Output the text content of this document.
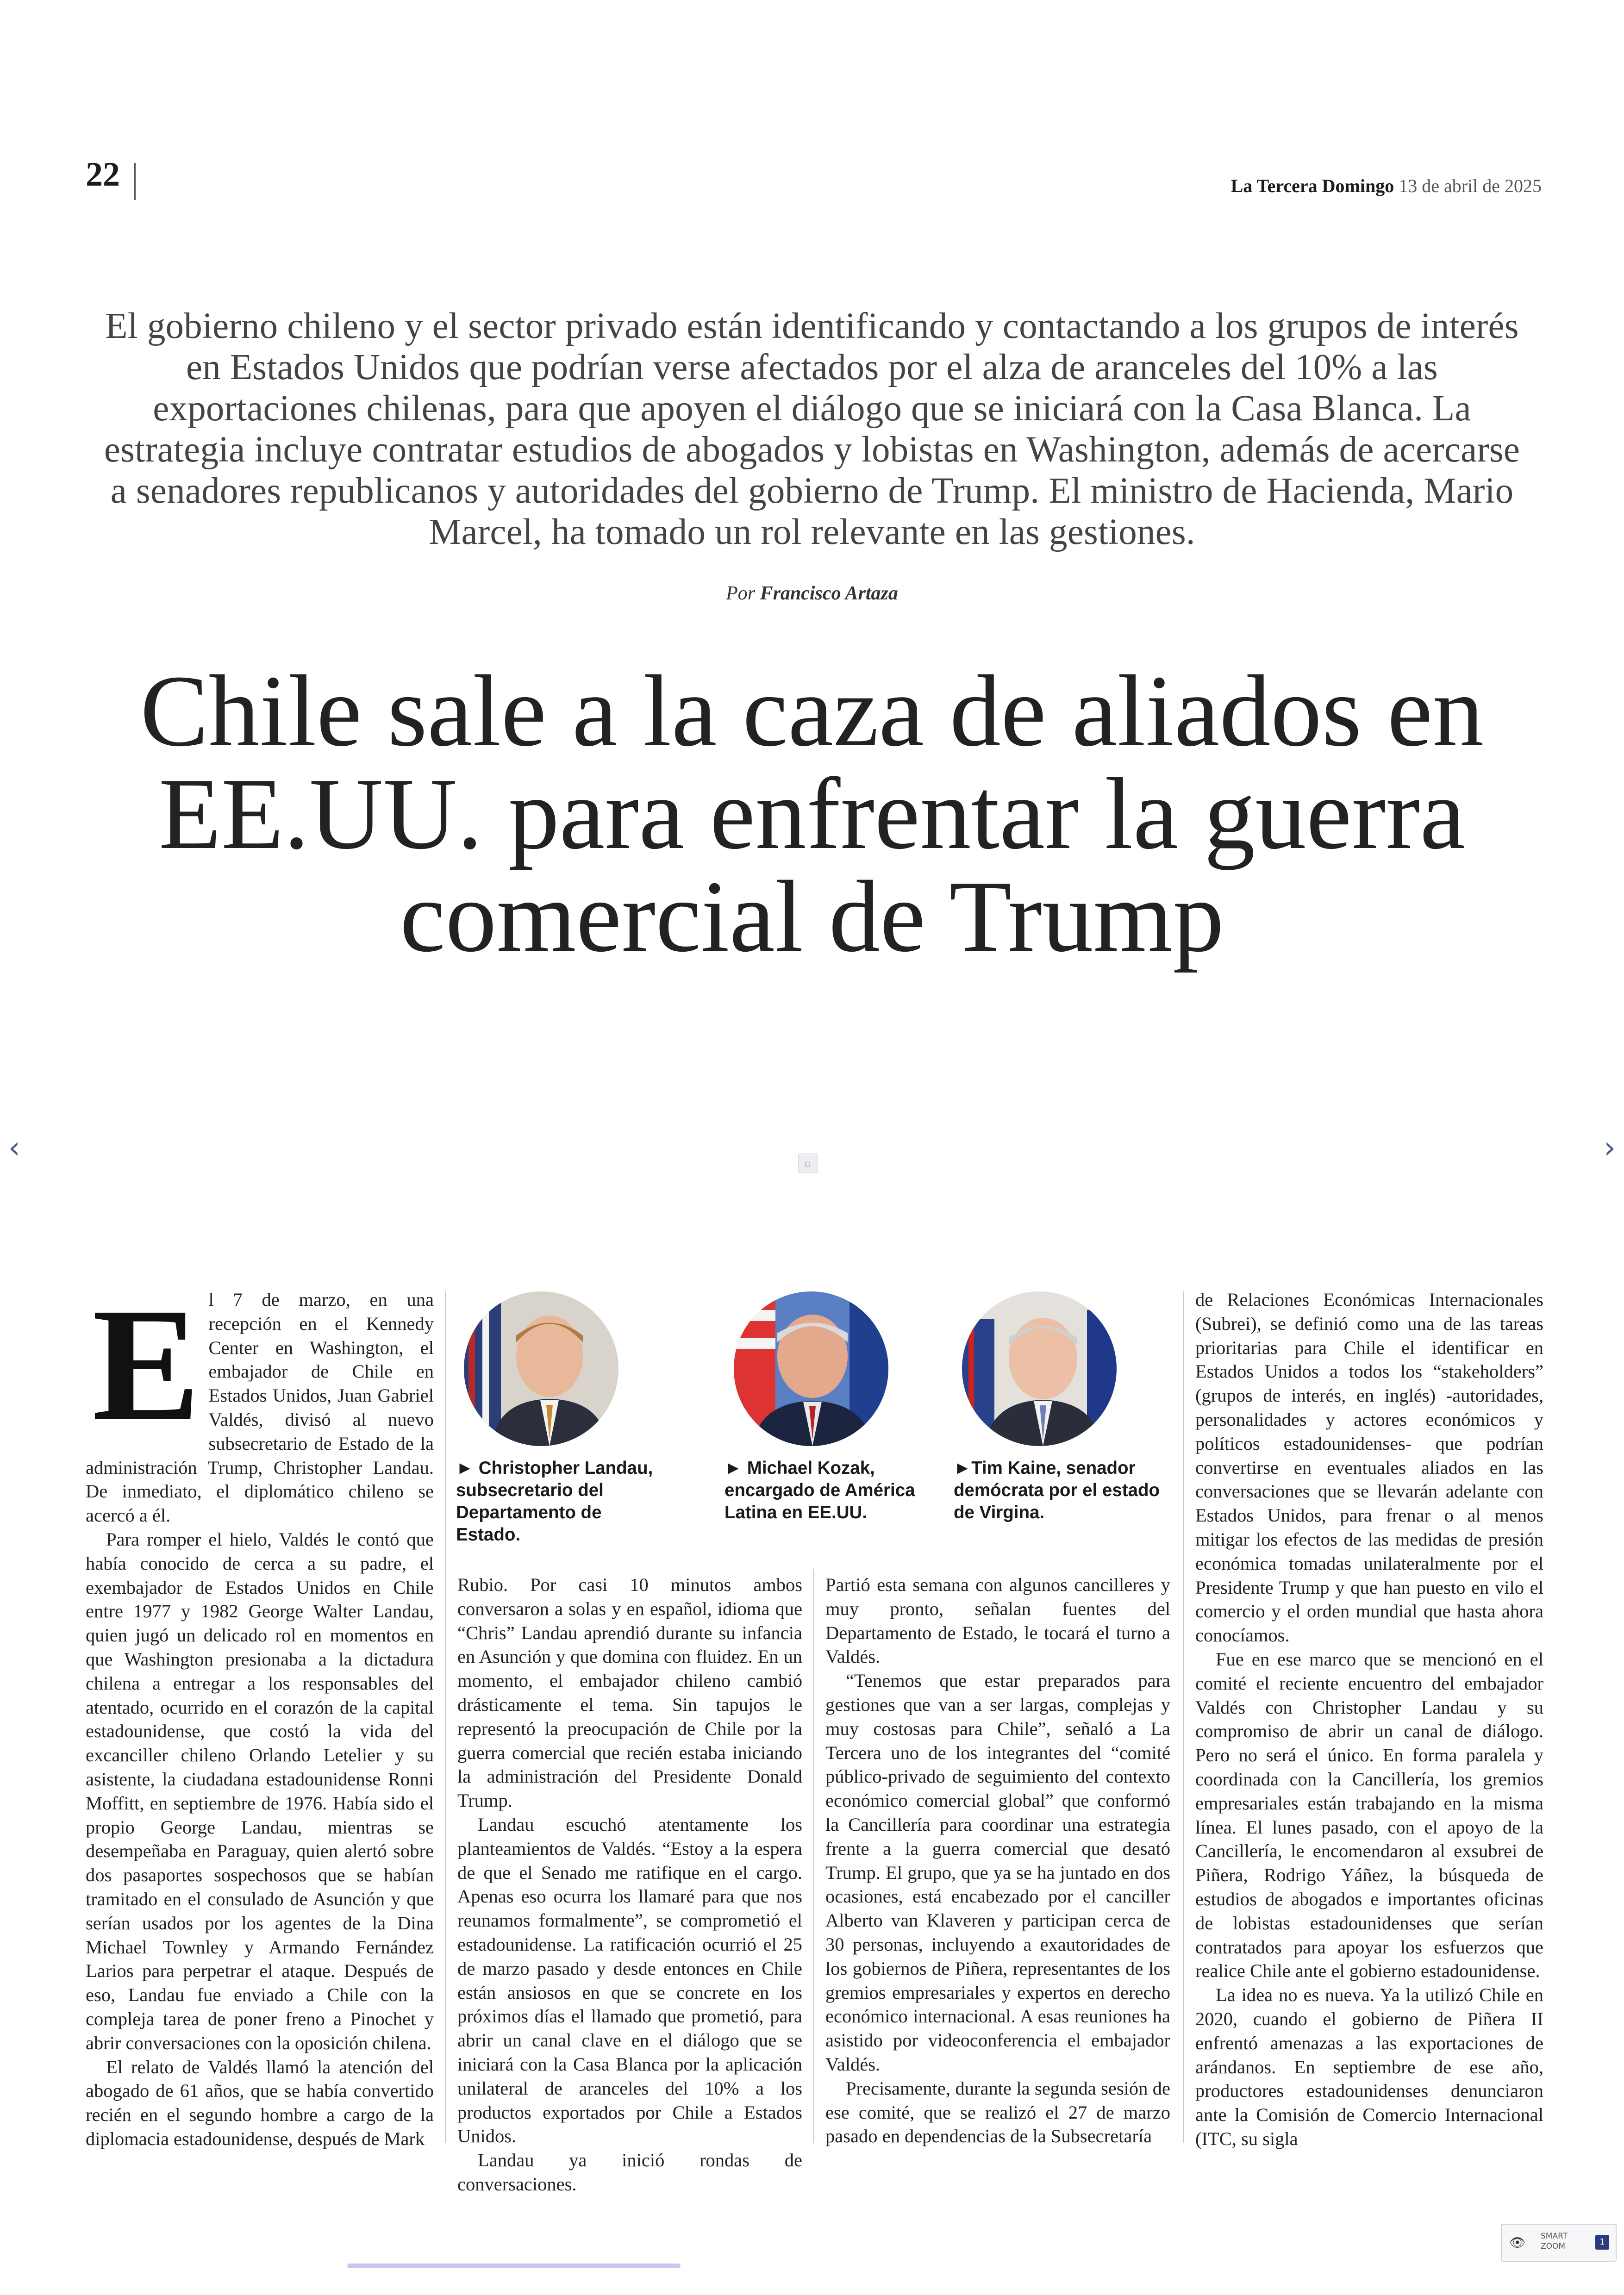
22	La Tercera Domingo 13 de abril de 2025
El gobierno chileno y el sector privado están identificando y contactando a los grupos de interés en Estados Unidos que podrían verse afectados por el alza de aranceles del 10% a las exportaciones chilenas, para que apoyen el diálogo que se iniciará con la Casa Blanca. La estrategia incluye contratar estudios de abogados y lobistas en Washington, además de acercarse a senadores republicanos y autoridades del gobierno de Trump. El ministro de Hacienda, Mario Marcel, ha tomado un rol relevante en las gestiones.
Por Francisco Artaza
Chile sale a la caza de aliados en EE.UU. para enfrentar la guerra comercial de Trump
‹	›
▫
E l 7 de marzo, en una recepción en el Kennedy Center en Washington, el embajador de Chile en Estados Unidos, Juan Gabriel Valdés, divisó al nuevo subsecretario de Estado de la administración Trump, Christopher Landau. De inmediato, el diplomático chileno se acercó a él.

Para romper el hielo, Valdés le contó que había conocido de cerca a su padre, el exembajador de Estados Unidos en Chile entre 1977 y 1982 George Walter Landau, quien jugó un delicado rol en momentos en que Washington presionaba a la dictadura chilena a entregar a los responsables del atentado, ocurrido en el corazón de la capital estadounidense, que costó la vida del excanciller chileno Orlando Letelier y su asistente, la ciudadana estadounidense Ronni Moffitt, en septiembre de 1976. Había sido el propio George Landau, mientras se desempeñaba en Paraguay, quien alertó sobre dos pasaportes sospechosos que se habían tramitado en el consulado de Asunción y que serían usados por los agentes de la Dina Michael Townley y Armando Fernández Larios para perpetrar el ataque. Después de eso, Landau fue enviado a Chile con la compleja tarea de poner freno a Pinochet y abrir conversaciones con la oposición chilena.

El relato de Valdés llamó la atención del abogado de 61 años, que se había convertido recién en el segundo hombre a cargo de la diplomacia estadounidense, después de Mark

► Christopher Landau, subsecretario del Departamento de Estado.
► Michael Kozak, encargado de América Latina en EE.UU.
►Tim Kaine, senador demócrata por el estado de Virgina.

Rubio. Por casi 10 minutos ambos conversaron a solas y en español, idioma que “Chris” Landau aprendió durante su infancia en Asunción y que domina con fluidez. En un momento, el embajador chileno cambió drásticamente el tema. Sin tapujos le representó la preocupación de Chile por la guerra comercial que recién estaba iniciando la administración del Presidente Donald Trump.

Landau escuchó atentamente los planteamientos de Valdés. “Estoy a la espera de que el Senado me ratifique en el cargo. Apenas eso ocurra los llamaré para que nos reunamos formalmente”, se comprometió el estadounidense. La ratificación ocurrió el 25 de marzo pasado y desde entonces en Chile están ansiosos en que se concrete en los próximos días el llamado que prometió, para abrir un canal clave en el diálogo que se iniciará con la Casa Blanca por la aplicación unilateral de aranceles del 10% a los productos exportados por Chile a Estados Unidos.

Landau ya inició rondas de conversaciones.

Partió esta semana con algunos cancilleres y muy pronto, señalan fuentes del Departamento de Estado, le tocará el turno a Valdés.

“Tenemos que estar preparados para gestiones que van a ser largas, complejas y muy costosas para Chile”, señaló a La Tercera uno de los integrantes del “comité público-privado de seguimiento del contexto económico comercial global” que conformó la Cancillería para coordinar una estrategia frente a la guerra comercial que desató Trump. El grupo, que ya se ha juntado en dos ocasiones, está encabezado por el canciller Alberto van Klaveren y participan cerca de 30 personas, incluyendo a exautoridades de los gobiernos de Piñera, representantes de los gremios empresariales y expertos en derecho económico internacional. A esas reuniones ha asistido por videoconferencia el embajador Valdés.

Precisamente, durante la segunda sesión de ese comité, que se realizó el 27 de marzo pasado en dependencias de la Subsecretaría

de Relaciones Económicas Internacionales (Subrei), se definió como una de las tareas prioritarias para Chile el identificar en Estados Unidos a todos los “stakeholders” (grupos de interés, en inglés) -autoridades, personalidades y actores económicos y políticos estadounidenses- que podrían convertirse en eventuales aliados en las conversaciones que se llevarán adelante con Estados Unidos, para frenar o al menos mitigar los efectos de las medidas de presión económica tomadas unilateralmente por el Presidente Trump y que han puesto en vilo el comercio y el orden mundial que hasta ahora conocíamos.

Fue en ese marco que se mencionó en el comité el reciente encuentro del embajador Valdés con Christopher Landau y su compromiso de abrir un canal de diálogo. Pero no será el único. En forma paralela y coordinada con la Cancillería, los gremios empresariales están trabajando en la misma línea. El lunes pasado, con el apoyo de la Cancillería, le encomendaron al exsubrei de Piñera, Rodrigo Yáñez, la búsqueda de estudios de abogados e importantes oficinas de lobistas estadounidenses que serían contratados para apoyar los esfuerzos que realice Chile ante el gobierno estadounidense.

La idea no es nueva. Ya la utilizó Chile en 2020, cuando el gobierno de Piñera II enfrentó amenazas a las exportaciones de arándanos. En septiembre de ese año, productores estadounidenses denunciaron ante la Comisión de Comercio Internacional (ITC, su sigla

👁 SMART
ZOOM	1
